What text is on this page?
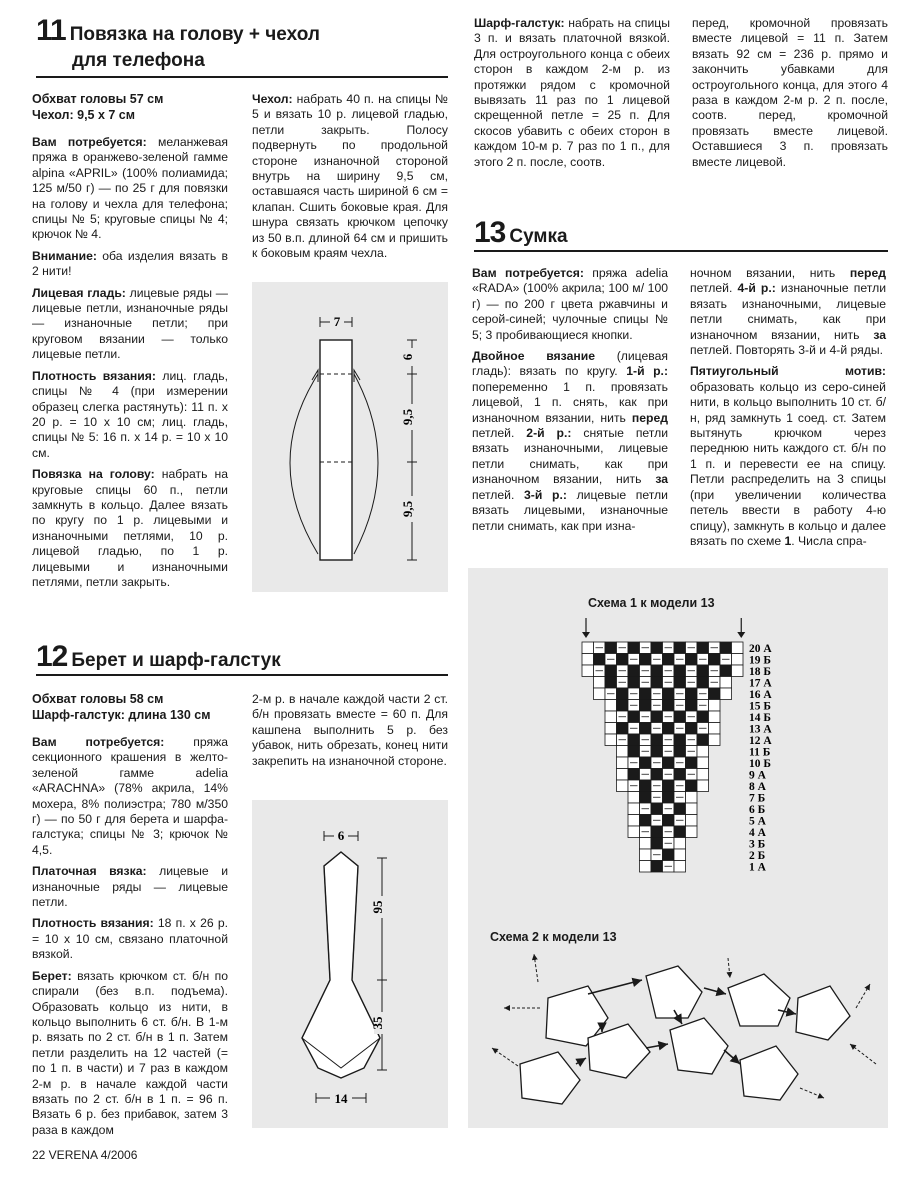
11 Повязка на голову + чехол
для телефона
Обхват головы 57 см
Чехол: 9,5 х 7 см

Вам потребуется: меланжевая пряжа в оранжево-зеленой гамме alpina «APRIL» (100% полиамида; 125 м/50 г) — по 25 г для повязки на голову и чехла для телефона; спицы № 5; круговые спицы № 4; крючок № 4.

Внимание: оба изделия вязать в 2 нити!

Лицевая гладь: лицевые ряды — лицевые петли, изнаночные ряды — изнаночные петли; при круговом вязании — только лицевые петли.

Плотность вязания: лиц. гладь, спицы № 4 (при измерении образец слегка растянуть): 11 п. х 20 р. = 10 х 10 см; лиц. гладь, спицы № 5: 16 п. х 14 р. = 10 х 10 см.

Повязка на голову: набрать на круговые спицы 60 п., петли замкнуть в кольцо. Далее вязать по кругу по 1 р. лицевыми и изнаночными петлями, 10 р. лицевой гладью, по 1 р. лицевыми и изнаночными петлями, петли закрыть.

Чехол: набрать 40 п. на спицы № 5 и вязать 10 р. лицевой гладью, петли закрыть. Полосу подвернуть по продольной стороне изнаночной стороной внутрь на ширину 9,5 см, оставшаяся часть шириной 6 см = клапан. Сшить боковые края. Для шнура связать крючком цепочку из 50 в.п. длиной 64 см и пришить к боковым краям чехла.

7
6
9,5
9,5
12 Берет и шарф-галстук
Обхват головы 58 см
Шарф-галстук: длина 130 см

Вам потребуется: пряжа секционного крашения в желто-зеленой гамме adelia «ARACHNA» (78% акрила, 14% мохера, 8% полиэстра; 780 м/350 г) — по 50 г для берета и шарфа-галстука; спицы № 3; крючок № 4,5.

Платочная вязка: лицевые и изнаночные ряды — лицевые петли.

Плотность вязания: 18 п. х 26 р. = 10 х 10 см, связано платочной вязкой.

Берет: вязать крючком ст. б/н по спирали (без в.п. подъема). Образовать кольцо из нити, в кольцо выполнить 6 ст. б/н. В 1-м р. вязать по 2 ст. б/н в 1 п. Затем петли разделить на 12 частей (= по 1 п. в части) и 7 раз в каждом 2-м р. в начале каждой части вязать по 2 ст. б/н в 1 п. = 96 п. Вязать 6 р. без прибавок, затем 3 раза в каждом

2-м р. в начале каждой части 2 ст. б/н провязать вместе = 60 п. Для кашпена выполнить 5 р. без убавок, нить обрезать, конец нити закрепить на изнаночной стороне.

6
95
35
14

Шарф-галстук: набрать на спицы 3 п. и вязать платочной вязкой. Для остроугольного конца с обеих сторон в каждом 2-м р. из протяжки рядом с кромочной вывязать 11 раз по 1 лицевой скрещенной петле = 25 п. Для скосов убавить с обеих сторон в каждом 10-м р. 7 раз по 1 п., для этого 2 п. после, соотв.

перед, кромочной провязать вместе лицевой = 11 п. Затем вязать 92 см = 236 р. прямо и закончить убавками для остроугольного конца, для этого 4 раза в каждом 2-м р. 2 п. после, соотв. перед, кромочной провязать вместе лицевой. Оставшиеся 3 п. провязать вместе лицевой.

13 Сумка

Вам потребуется: пряжа adelia «RADA» (100% акрила; 100 м/ 100 г) — по 200 г цвета ржавчины и серой-синей; чулочные спицы № 5; 3 пробивающиеся кнопки.

Двойное вязание (лицевая гладь): вязать по кругу. 1-й р.: попеременно 1 п. провязать лицевой, 1 п. снять, как при изнаночном вязании, нить перед петлей. 2-й р.: снятые петли вязать изнаночными, лицевые петли снимать, как при изнаночном вязании, нить за петлей. 3-й р.: лицевые петли вязать лицевыми, изнаночные петли снимать, как при изна-

ночном вязании, нить перед петлей. 4-й р.: изнаночные петли вязать изнаночными, лицевые петли снимать, как при изнаночном вязании, нить за петлей. Повторять 3-й и 4-й ряды.

Пятиугольный мотив: образовать кольцо из серо-синей нити, в кольцо выполнить 10 ст. б/н, ряд замкнуть 1 соед. ст. Затем вытянуть крючком через переднюю нить каждого ст. б/н по 1 п. и перевести ее на спицу. Петли распределить на 3 спицы (при увеличении количества петель ввести в работу 4-ю спицу), замкнуть в кольцо и далее вязать по схеме 1. Числа спра-

Схема 1 к модели 13
20 А
19 Б
18 Б
17 А
16 А
15 Б
14 Б
13 А
12 А
11 Б
10 Б
9 А
8 А
7 Б
6 Б
5 А
4 А
3 Б
2 Б
1 А
Схема 2 к модели 13
22 VERENA 4/2006
